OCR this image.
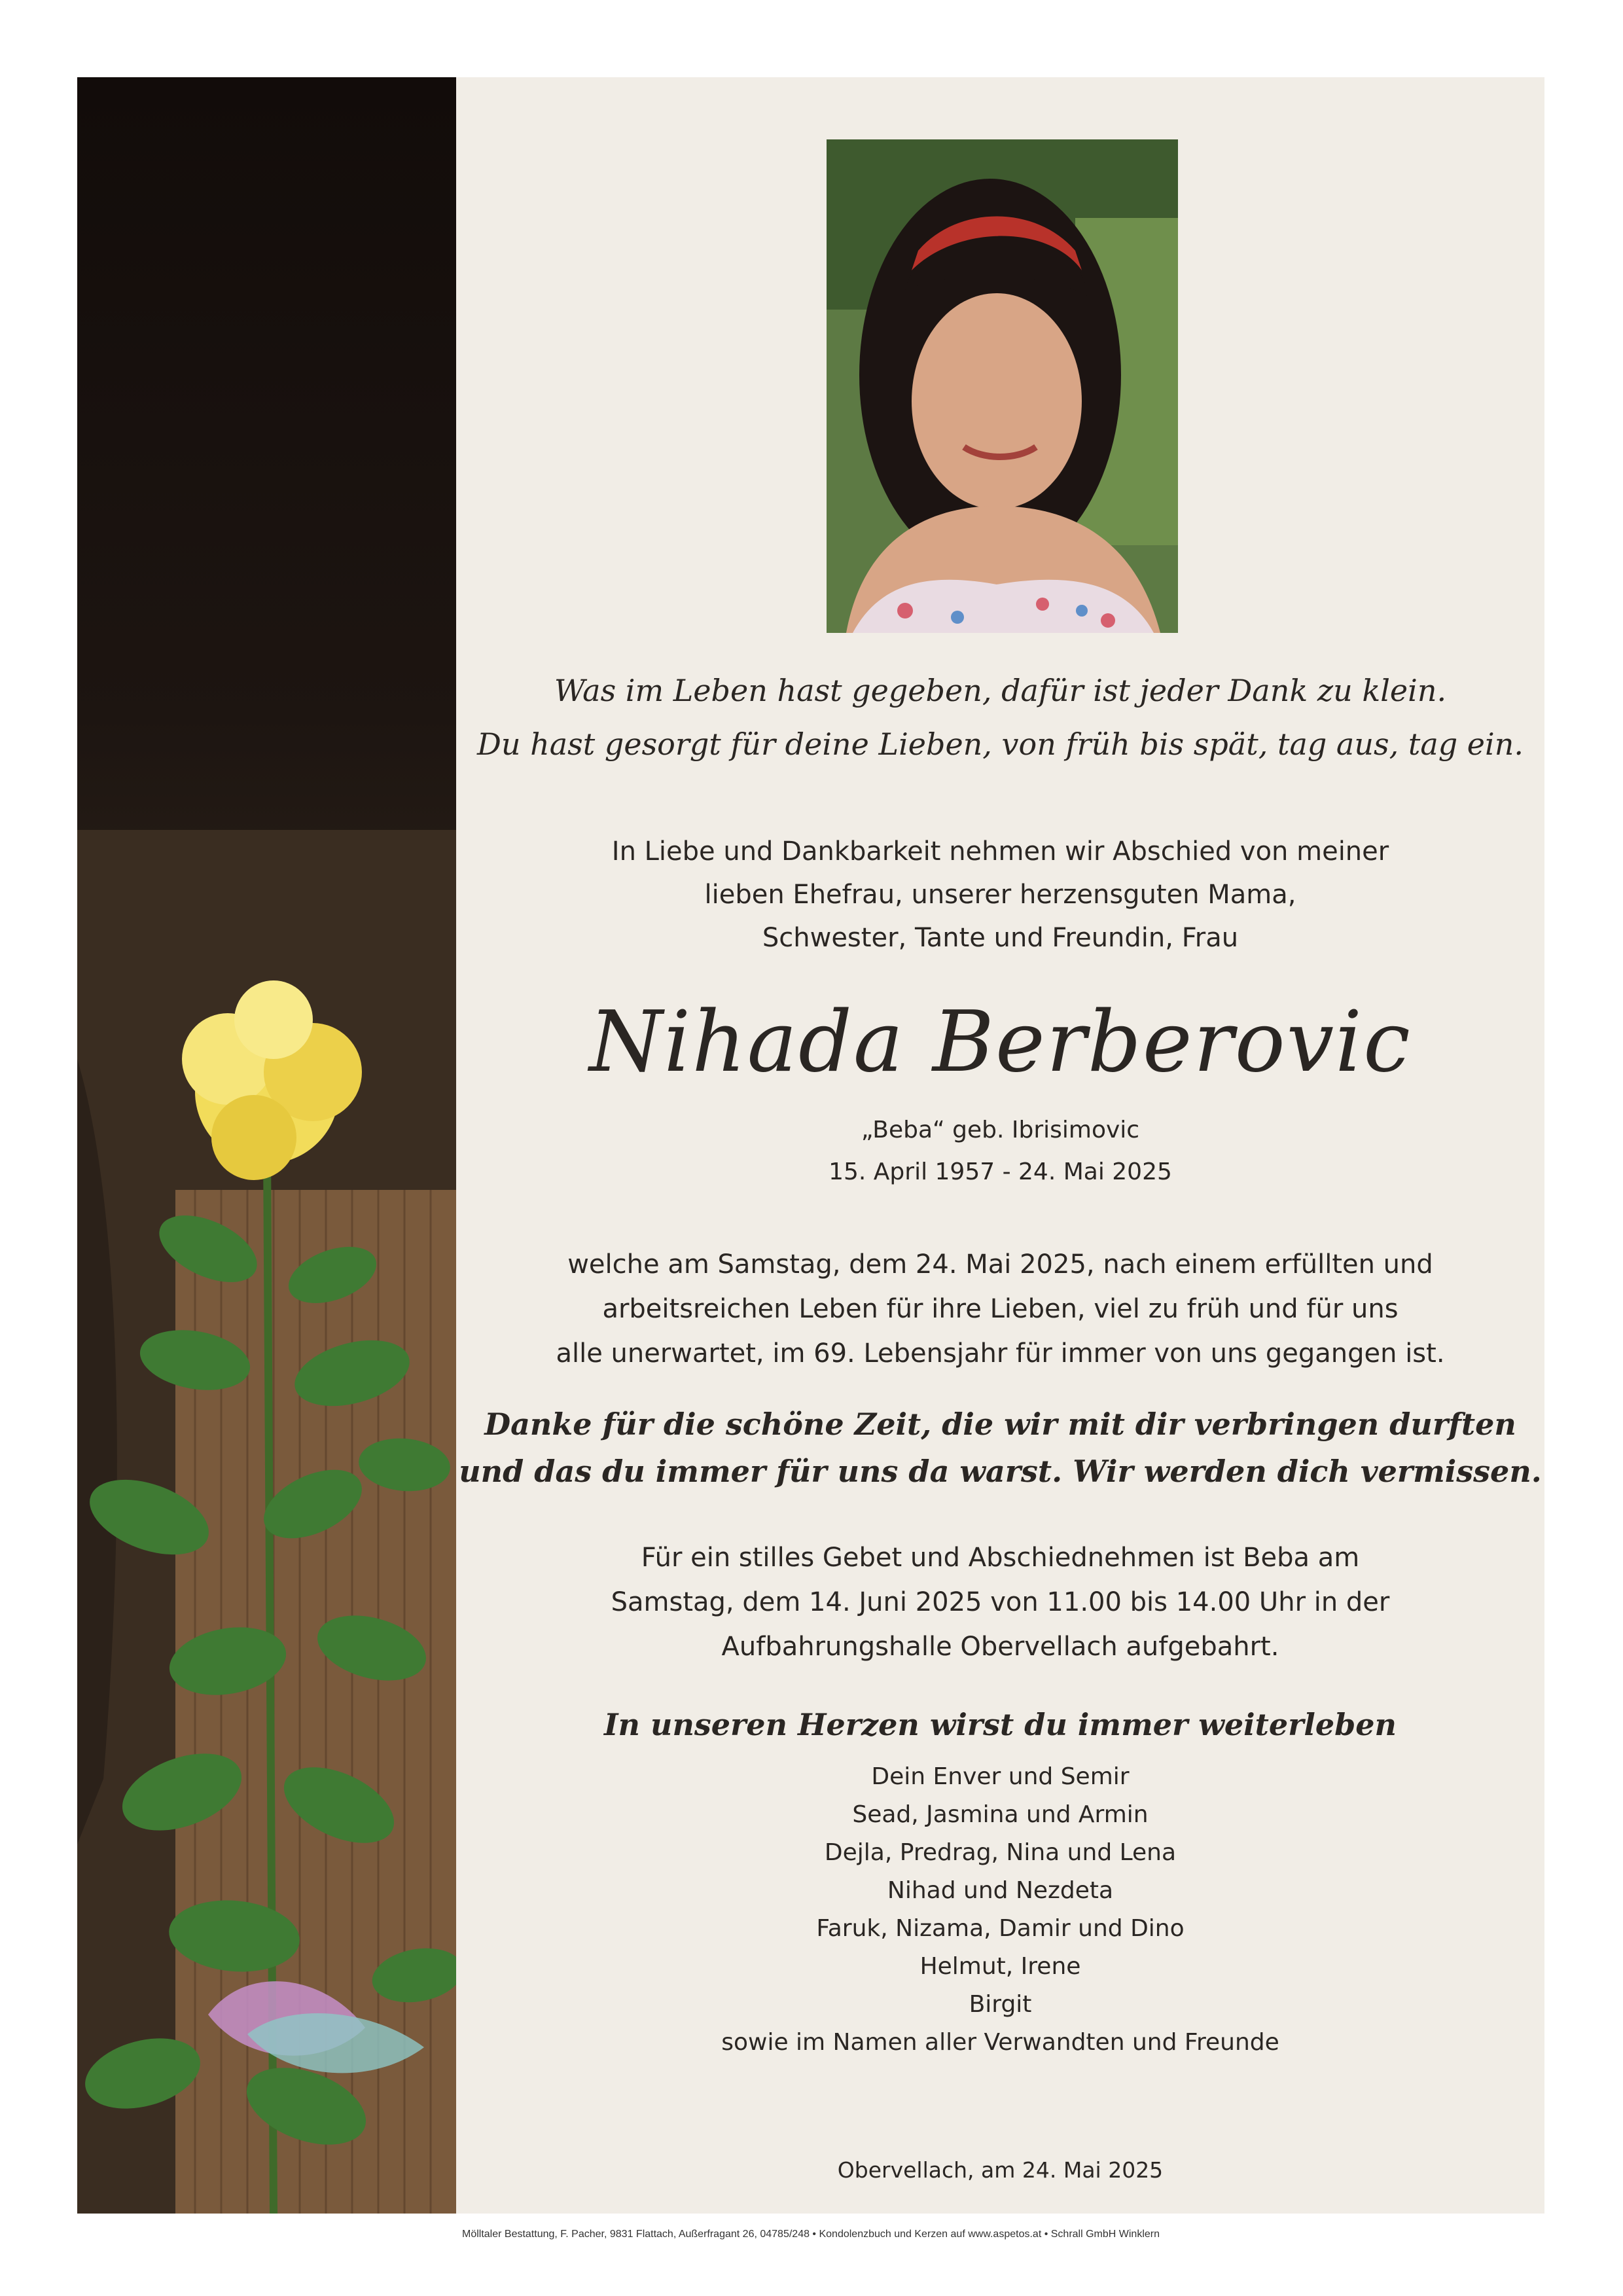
Was im Leben hast gegeben, dafür ist jeder Dank zu klein.
Du hast gesorgt für deine Lieben, von früh bis spät, tag aus, tag ein.
In Liebe und Dankbarkeit nehmen wir Abschied von meiner
lieben Ehefrau, unserer herzensguten Mama,
Schwester, Tante und Freundin, Frau
Nihada Berberovic
„Beba“ geb. Ibrisimovic
15. April 1957 - 24. Mai 2025
welche am Samstag, dem 24. Mai 2025, nach einem erfüllten und
arbeitsreichen Leben für ihre Lieben, viel zu früh und für uns
alle unerwartet, im 69. Lebensjahr für immer von uns gegangen ist.
Danke für die schöne Zeit, die wir mit dir verbringen durften
und das du immer für uns da warst. Wir werden dich vermissen.
Für ein stilles Gebet und Abschiednehmen ist Beba am
Samstag, dem 14. Juni 2025 von 11.00 bis 14.00 Uhr in der
Aufbahrungshalle Obervellach aufgebahrt.
In unseren Herzen wirst du immer weiterleben
Dein Enver und Semir
Sead, Jasmina und Armin
Dejla, Predrag, Nina und Lena
Nihad und Nezdeta
Faruk, Nizama, Damir und Dino
Helmut, Irene
Birgit
sowie im Namen aller Verwandten und Freunde
Obervellach, am 24. Mai 2025
Mölltaler Bestattung, F. Pacher, 9831 Flattach, Außerfragant 26, 04785/248 • Kondolenzbuch und Kerzen auf www.aspetos.at • Schrall GmbH Winklern
